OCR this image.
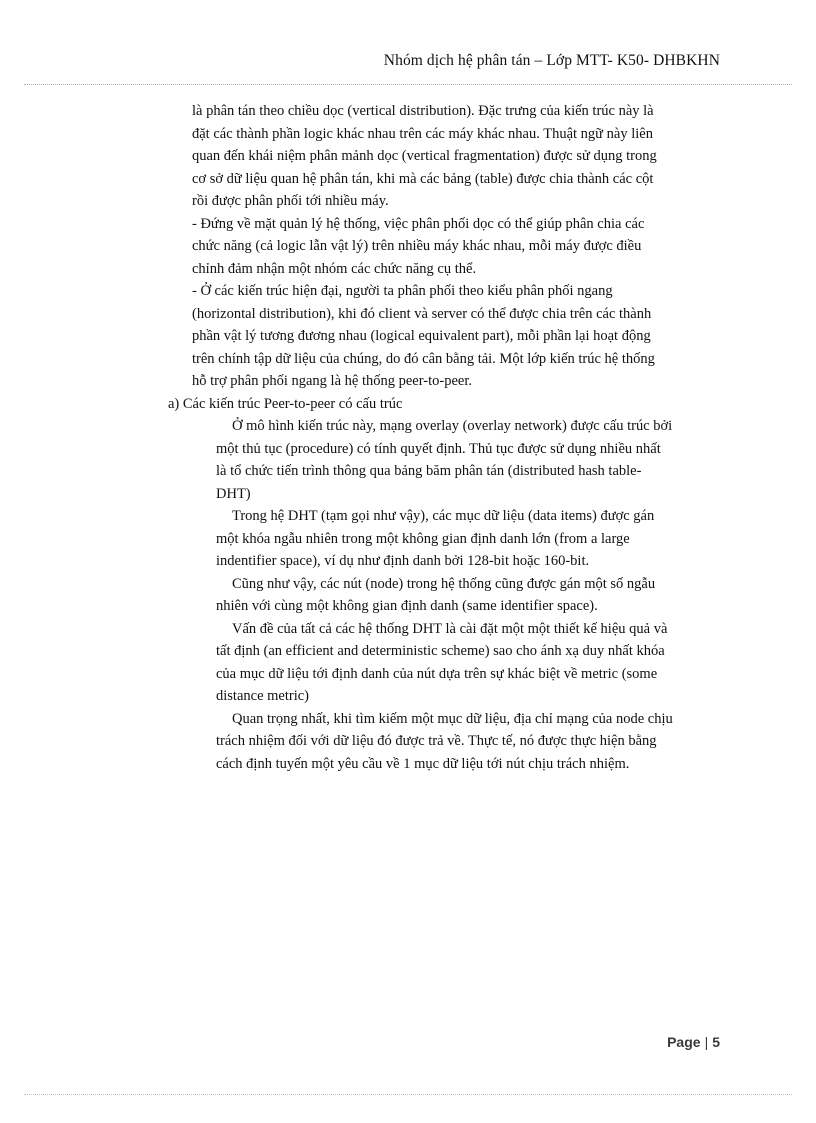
Nhóm dịch hệ phân tán – Lớp MTT- K50- DHBKHN
là phân tán theo chiều dọc (vertical distribution). Đặc trưng của kiến trúc này là
đặt các thành phần logic khác nhau trên các máy khác nhau. Thuật ngữ này liên
quan đến khái niệm phân mảnh dọc (vertical fragmentation) được sử dụng trong
cơ sở dữ liệu quan hệ phân tán, khi mà các bảng (table) được chia thành các cột
rồi được phân phối tới nhiều máy.
- Đứng về mặt quản lý hệ thống, việc phân phối dọc có thể giúp phân chia các
chức năng (cả logic lẫn vật lý) trên nhiều máy khác nhau, mỗi máy được điều
chỉnh đảm nhận một nhóm các chức năng cụ thể.
- Ở các kiến trúc hiện đại, người ta phân phối theo kiểu phân phối ngang
(horizontal distribution), khi đó client và server có thể được chia trên các thành
phần vật lý tương đương nhau (logical equivalent part), mỗi phần lại hoạt động
trên chính tập dữ liệu của chúng, do đó cân bằng tải. Một lớp kiến trúc hệ thống
hỗ trợ phân phối ngang là hệ thống peer-to-peer.
a) Các kiến trúc Peer-to-peer có cấu trúc
Ở mô hình kiến trúc này, mạng overlay (overlay network) được cấu trúc bởi
một thủ tục (procedure) có tính quyết định. Thủ tục được sử dụng nhiều nhất
là tổ chức tiến trình thông qua bảng băm phân tán (distributed hash table-
DHT)
Trong hệ DHT (tạm gọi như vậy), các mục dữ liệu (data items) được gán
một khóa ngẫu nhiên trong một không gian định danh lớn (from a large
indentifier space), ví dụ như định danh bởi 128-bit hoặc 160-bit.
Cũng như vậy, các nút (node) trong hệ thống cũng được gán một số ngẫu
nhiên với cùng một không gian định danh (same identifier space).
Vấn đề của tất cả các hệ thống DHT là cài đặt một một thiết kế hiệu quả và
tất định (an efficient and deterministic scheme) sao cho ánh xạ duy nhất khóa
của mục dữ liệu tới định danh của nút dựa trên sự khác biệt về metric (some
distance metric)
Quan trọng nhất, khi tìm kiếm một mục dữ liệu, địa chỉ mạng của node chịu
trách nhiệm đối với dữ liệu đó được trả về. Thực tế, nó được thực hiện bằng
cách định tuyến một yêu cầu về 1 mục dữ liệu tới nút chịu trách nhiệm.
Page | 5
